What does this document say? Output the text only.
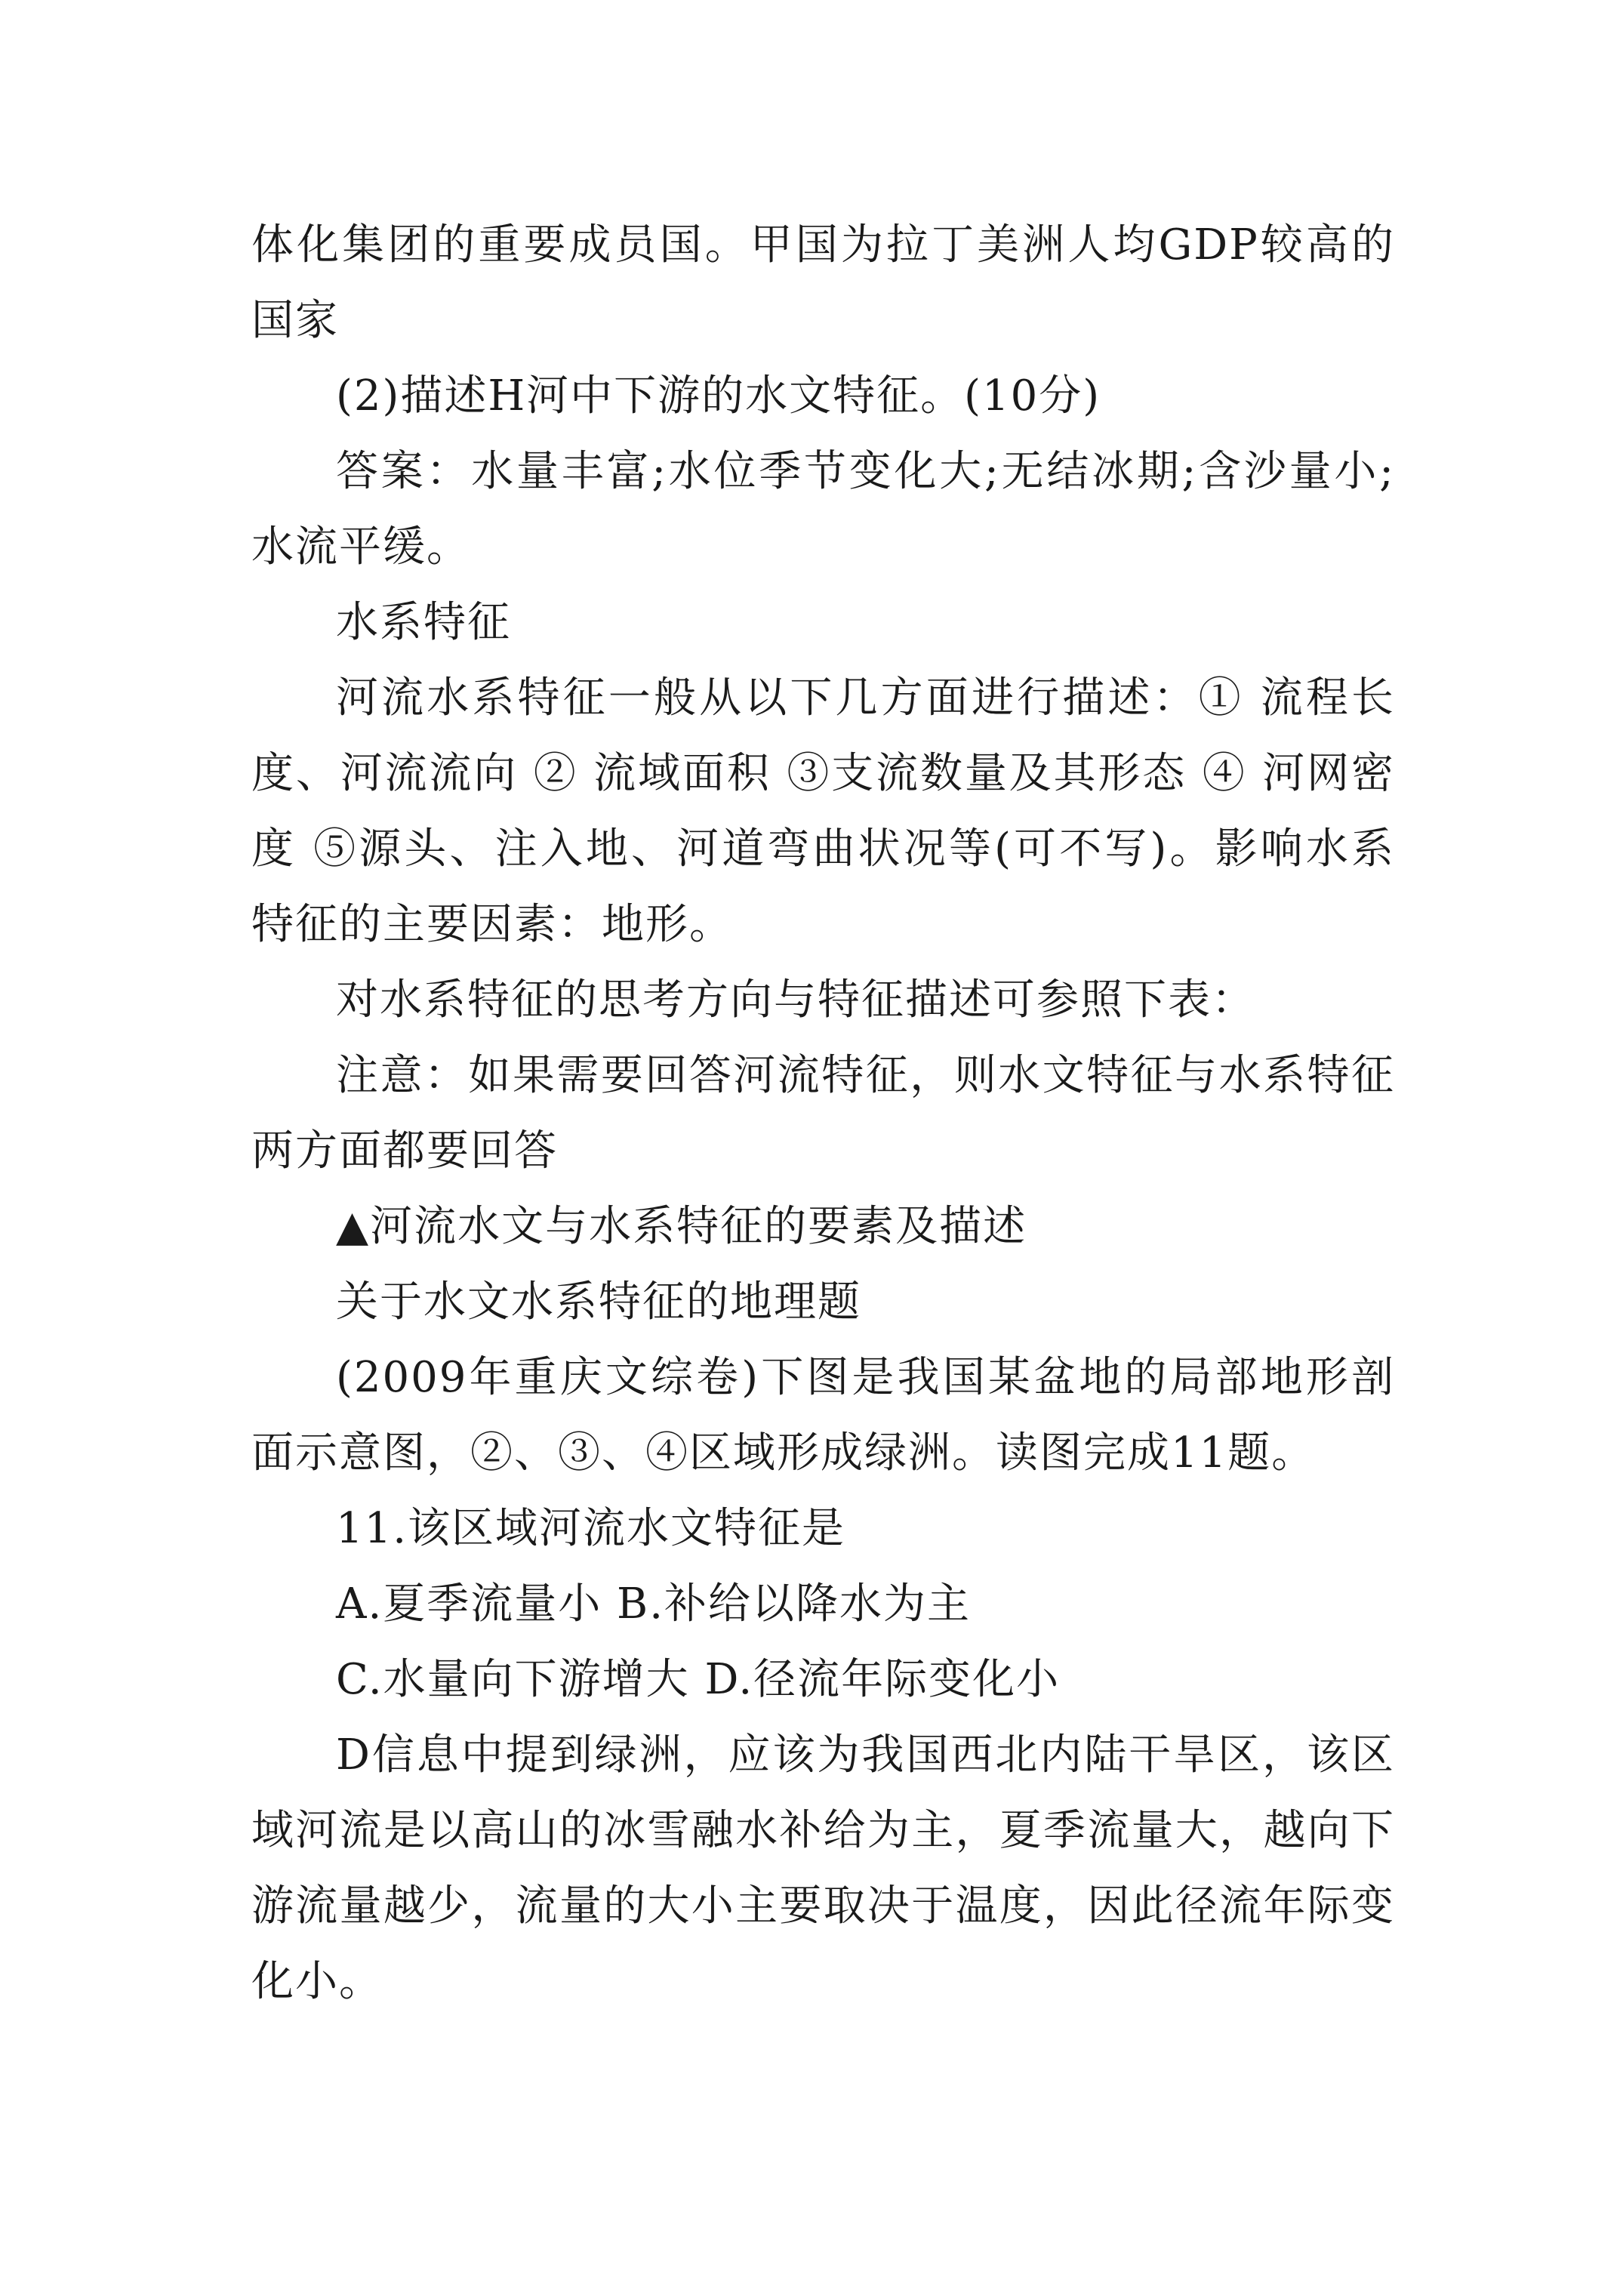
体化集团的重要成员国。甲国为拉丁美洲人均GDP较高的国家

(2)描述H河中下游的水文特征。(10分)

答案：水量丰富;水位季节变化大;无结冰期;含沙量小;水流平缓。

水系特征

河流水系特征一般从以下几方面进行描述：① 流程长度、河流流向 ② 流域面积 ③支流数量及其形态 ④ 河网密度 ⑤源头、注入地、河道弯曲状况等(可不写)。影响水系特征的主要因素：地形。

对水系特征的思考方向与特征描述可参照下表：

注意：如果需要回答河流特征，则水文特征与水系特征两方面都要回答

▲河流水文与水系特征的要素及描述

关于水文水系特征的地理题

(2009年重庆文综卷)下图是我国某盆地的局部地形剖面示意图，②、③、④区域形成绿洲。读图完成11题。

11.该区域河流水文特征是

A.夏季流量小 B.补给以降水为主

C.水量向下游增大 D.径流年际变化小

D信息中提到绿洲，应该为我国西北内陆干旱区，该区域河流是以高山的冰雪融水补给为主，夏季流量大，越向下游流量越少，流量的大小主要取决于温度，因此径流年际变化小。
